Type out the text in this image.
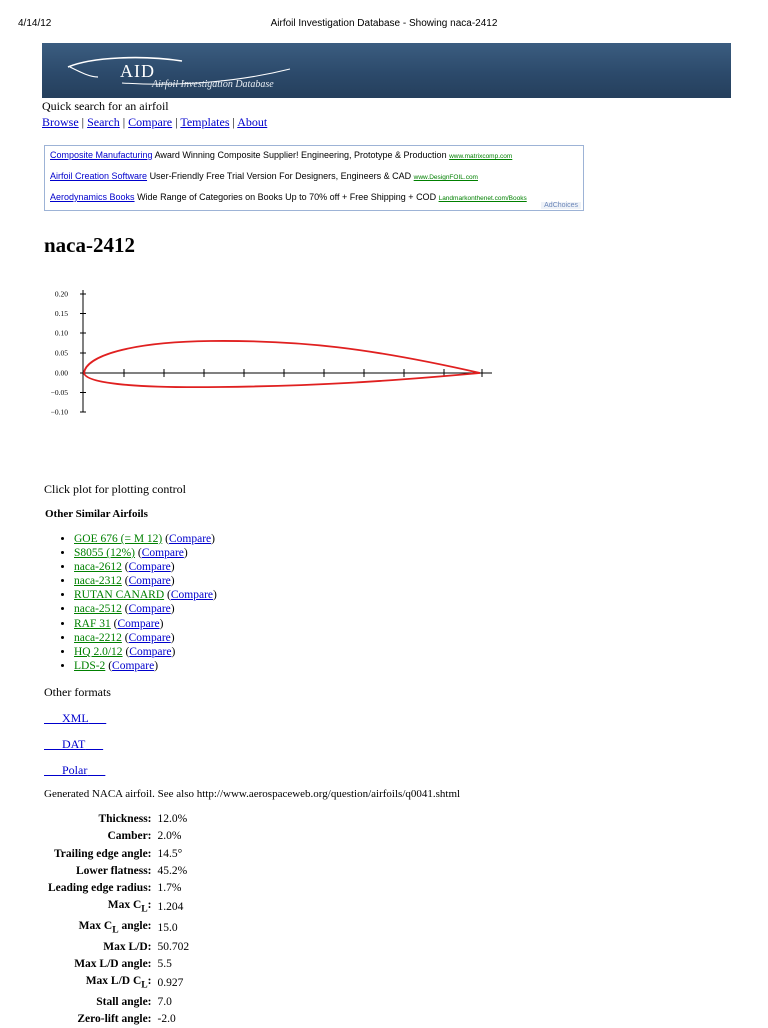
4/14/12	Airfoil Investigation Database - Showing naca-2412
AID
Airfoil Investigation Database
Quick search for an airfoil
Browse | Search | Compare | Templates | About
Composite Manufacturing Award Winning Composite Supplier! Engineering, Prototype & Production www.matrixcomp.com
Airfoil Creation Software User-Friendly Free Trial Version For Designers, Engineers & CAD www.DesignFOIL.com
Aerodynamics Books Wide Range of Categories on Books Up to 70% off + Free Shipping + COD Landmarkonthenet.com/Books
AdChoices
naca-2412
0.20
0.15
0.10
0.05
0.00
−0.05
−0.10
Click plot for plotting control
Other Similar Airfoils
• GOE 676 (= M 12) (Compare)
• S8055 (12%) (Compare)
• naca-2612 (Compare)
• naca-2312 (Compare)
• RUTAN CANARD (Compare)
• naca-2512 (Compare)
• RAF 31 (Compare)
• naca-2212 (Compare)
• HQ 2.0/12 (Compare)
• LDS-2 (Compare)
Other formats
XML
DAT
Polar
Generated NACA airfoil. See also http://www.aerospaceweb.org/question/airfoils/q0041.shtml
Thickness:	12.0%
Camber:	2.0%
Trailing edge angle:	14.5°
Lower flatness:	45.2%
Leading edge radius:	1.7%
Max $C_L$:	1.204
Max $C_L$ angle:	15.0
Max L/D:	50.702
Max L/D angle:	5.5
Max L/D $C_L$:	0.927
Stall angle:	7.0
Zero-lift angle:	-2.0
